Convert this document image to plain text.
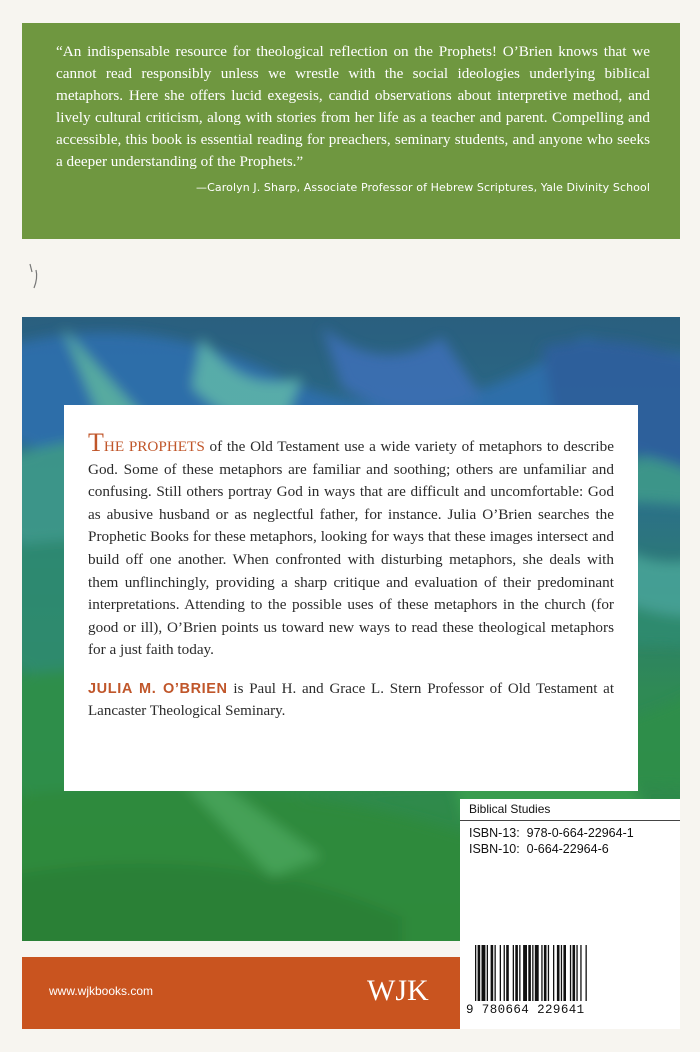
“An indispensable resource for theological reflection on the Prophets! O’Brien knows that we cannot read responsibly unless we wrestle with the social ideologies underlying biblical metaphors. Here she offers lucid exegesis, candid observations about interpretive method, and lively cultural criticism, along with stories from her life as a teacher and parent. Compelling and accessible, this book is essential reading for preachers, seminary students, and anyone who seeks a deeper understanding of the Prophets.”

—Carolyn J. Sharp, Associate Professor of Hebrew Scriptures, Yale Divinity School

THE PROPHETS of the Old Testament use a wide variety of metaphors to describe God. Some of these metaphors are familiar and soothing; others are unfamiliar and confusing. Still others portray God in ways that are difficult and uncomfortable: God as abusive husband or as neglectful father, for instance. Julia O’Brien searches the Prophetic Books for these metaphors, looking for ways that these images intersect and build off one another. When confronted with disturbing metaphors, she deals with them unflinchingly, providing a sharp critique and evaluation of their predominant interpretations. Attending to the possible uses of these metaphors in the church (for good or ill), O’Brien points us toward new ways to read these theological metaphors for a just faith today.

JULIA M. O’BRIEN is Paul H. and Grace L. Stern Professor of Old Testament at Lancaster Theological Seminary.

Biblical Studies
ISBN-13: 978-0-664-22964-1
ISBN-10: 0-664-22964-6
www.wjkbooks.com	WJK
9 780664 229641
